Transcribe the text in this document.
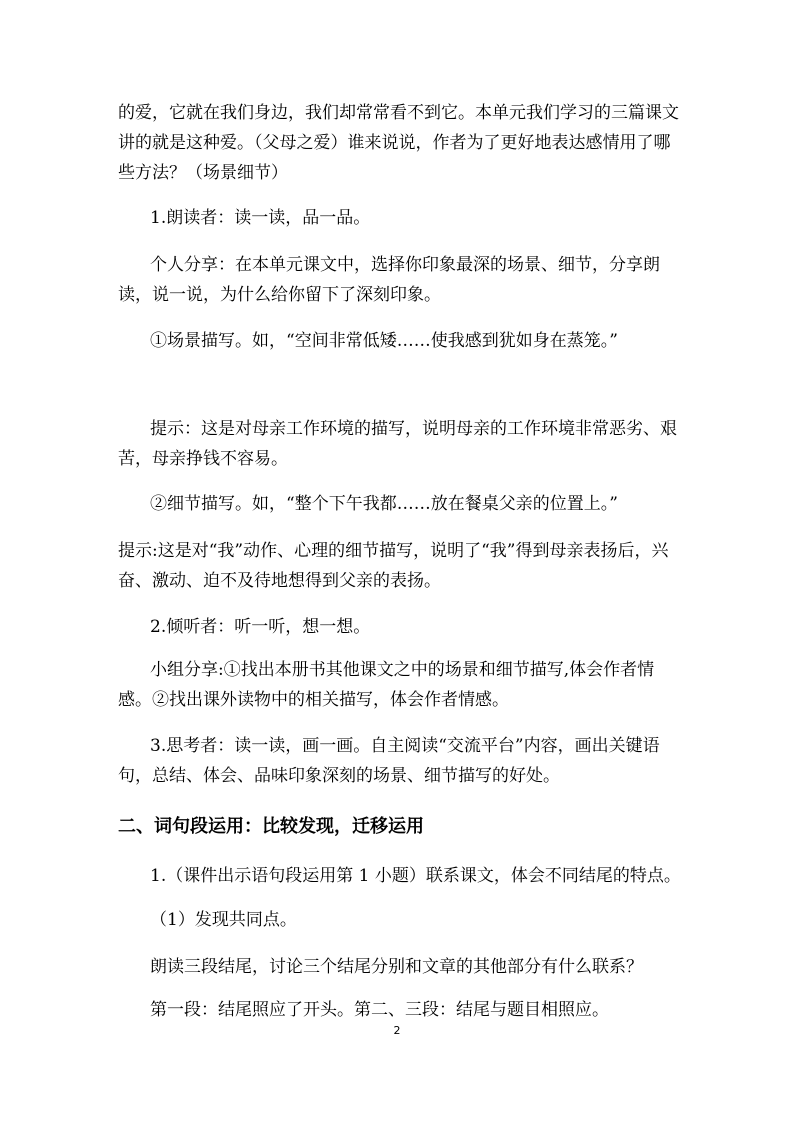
的爱，它就在我们身边，我们却常常看不到它。本单元我们学习的三篇课文讲的就是这种爱。（父母之爱）谁来说说，作者为了更好地表达感情用了哪些方法？（场景细节）

1.朗读者：读一读，品一品。

个人分享：在本单元课文中，选择你印象最深的场景、细节，分享朗读，说一说，为什么给你留下了深刻印象。

①场景描写。如，“空间非常低矮……使我感到犹如身在蒸笼。”

提示：这是对母亲工作环境的描写，说明母亲的工作环境非常恶劣、艰苦，母亲挣钱不容易。

②细节描写。如，“整个下午我都……放在餐桌父亲的位置上。”

提示:这是对“我”动作、心理的细节描写，说明了“我”得到母亲表扬后，兴奋、激动、迫不及待地想得到父亲的表扬。

2.倾听者：听一听，想一想。

小组分享:①找出本册书其他课文之中的场景和细节描写,体会作者情感。②找出课外读物中的相关描写，体会作者情感。

3.思考者：读一读，画一画。自主阅读“交流平台”内容，画出关键语句，总结、体会、品味印象深刻的场景、细节描写的好处。

二、词句段运用：比较发现，迁移运用

1.（课件出示语句段运用第 1 小题）联系课文，体会不同结尾的特点。

（1）发现共同点。

朗读三段结尾，讨论三个结尾分别和文章的其他部分有什么联系？

第一段：结尾照应了开头。第二、三段：结尾与题目相照应。

2
